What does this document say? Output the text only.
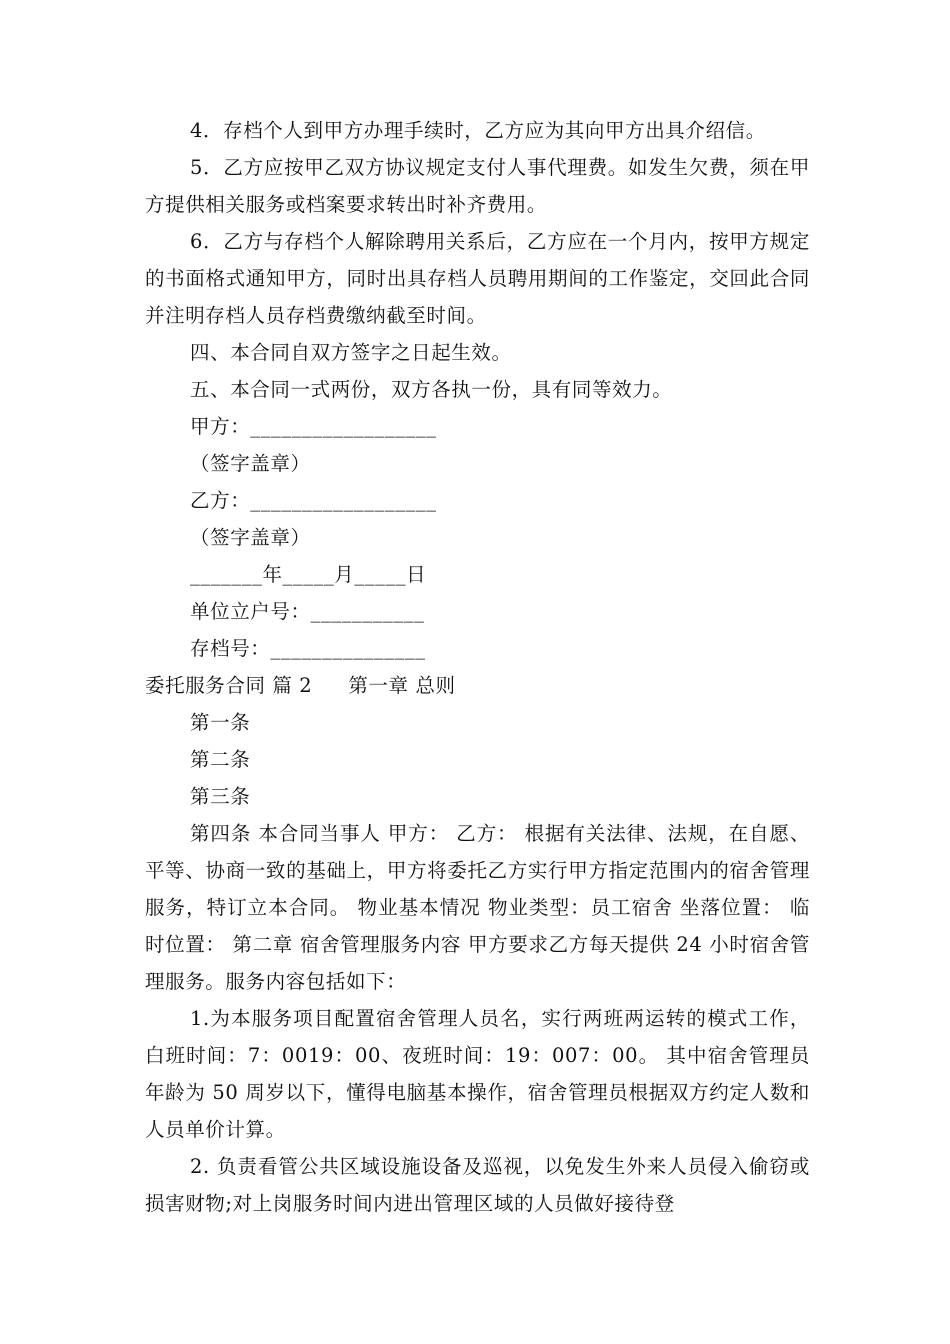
4．存档个人到甲方办理手续时，乙方应为其向甲方出具介绍信。

5．乙方应按甲乙双方协议规定支付人事代理费。如发生欠费，须在甲方提供相关服务或档案要求转出时补齐费用。

6．乙方与存档个人解除聘用关系后，乙方应在一个月内，按甲方规定的书面格式通知甲方，同时出具存档人员聘用期间的工作鉴定，交回此合同并注明存档人员存档费缴纳截至时间。

四、本合同自双方签字之日起生效。

五、本合同一式两份，双方各执一份，具有同等效力。

甲方：__________________

（签字盖章）

乙方：__________________

（签字盖章）

_______年_____月_____日

单位立户号：___________

存档号：_______________

委托服务合同 篇 2 第一章 总则

第一条

第二条

第三条

第四条 本合同当事人 甲方： 乙方： 根据有关法律、法规，在自愿、平等、协商一致的基础上，甲方将委托乙方实行甲方指定范围内的宿舍管理服务，特订立本合同。 物业基本情况 物业类型：员工宿舍 坐落位置： 临时位置： 第二章 宿舍管理服务内容 甲方要求乙方每天提供 24 小时宿舍管理服务。服务内容包括如下：

1.为本服务项目配置宿舍管理人员名，实行两班两运转的模式工作，白班时间：7：0019：00、夜班时间：19：007：00。 其中宿舍管理员年龄为 50 周岁以下，懂得电脑基本操作，宿舍管理员根据双方约定人数和人员单价计算。

2. 负责看管公共区域设施设备及巡视，以免发生外来人员侵入偷窃或损害财物;对上岗服务时间内进出管理区域的人员做好接待登
